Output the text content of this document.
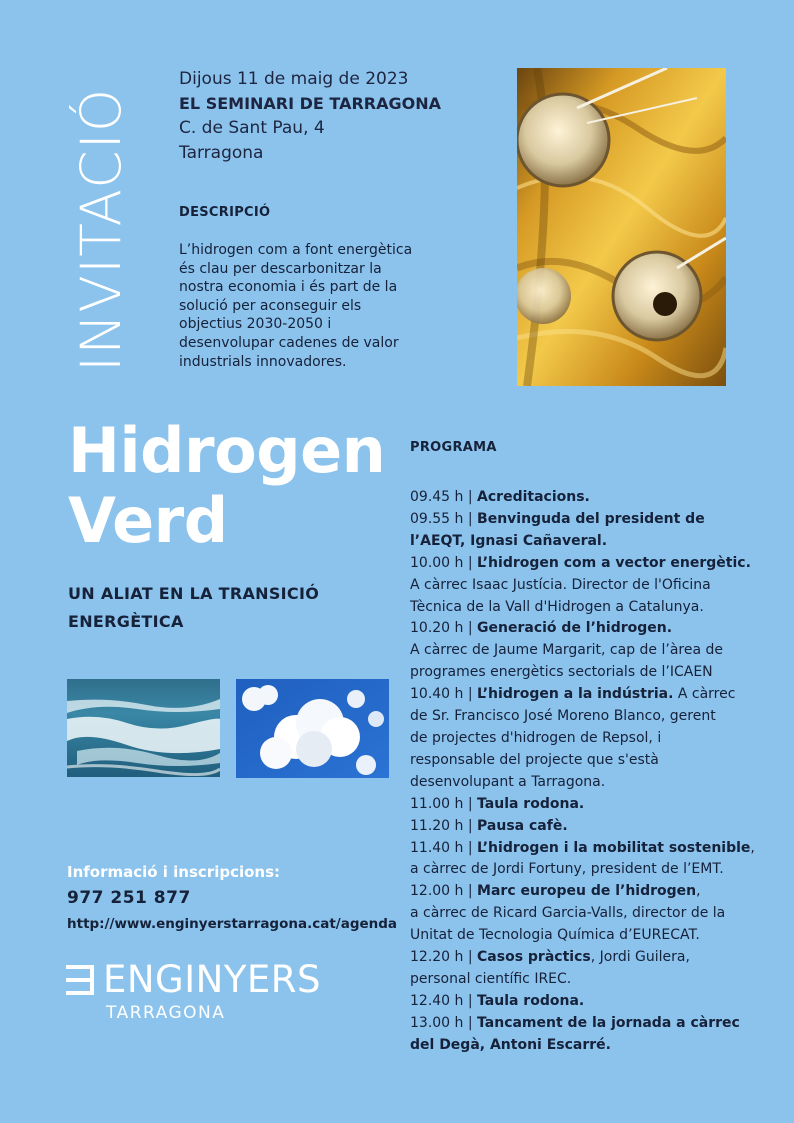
INVITACIÓ
Dijous 11 de maig de 2023
EL SEMINARI DE TARRAGONA
C. de Sant Pau, 4
Tarragona
DESCRIPCIÓ
L’hidrogen com a font energètica
és clau per descarbonitzar la
nostra economia i és part de la
solució per aconseguir els
objectius 2030-2050 i
desenvolupar cadenes de valor
industrials innovadores.
Hidrogen
Verd
UN ALIAT EN LA TRANSICIÓ
ENERGÈTICA
Informació i inscripcions:
977 251 877
http://www.enginyerstarragona.cat/agenda
ENGINYERS
TARRAGONA
PROGRAMA
09.45 h | Acreditacions.
09.55 h | Benvinguda del president de
l’AEQT, Ignasi Cañaveral.
10.00 h | L’hidrogen com a vector energètic.
A càrrec Isaac Justícia. Director de l'Oficina
Tècnica de la Vall d'Hidrogen a Catalunya.
10.20 h | Generació de l’hidrogen.
A càrrec de Jaume Margarit, cap de l’àrea de
programes energètics sectorials de l’ICAEN
10.40 h | L’hidrogen a la indústria. A càrrec
de Sr. Francisco José Moreno Blanco, gerent
de projectes d'hidrogen de Repsol, i
responsable del projecte que s'està
desenvolupant a Tarragona.
11.00 h | Taula rodona.
11.20 h | Pausa cafè.
11.40 h | L’hidrogen i la mobilitat sostenible,
a càrrec de Jordi Fortuny, president de l’EMT.
12.00 h | Marc europeu de l’hidrogen,
a càrrec de Ricard Garcia-Valls, director de la
Unitat de Tecnologia Química d’EURECAT.
12.20 h | Casos pràctics, Jordi Guilera,
personal científic IREC.
12.40 h | Taula rodona.
13.00 h | Tancament de la jornada a càrrec
del Degà, Antoni Escarré.
